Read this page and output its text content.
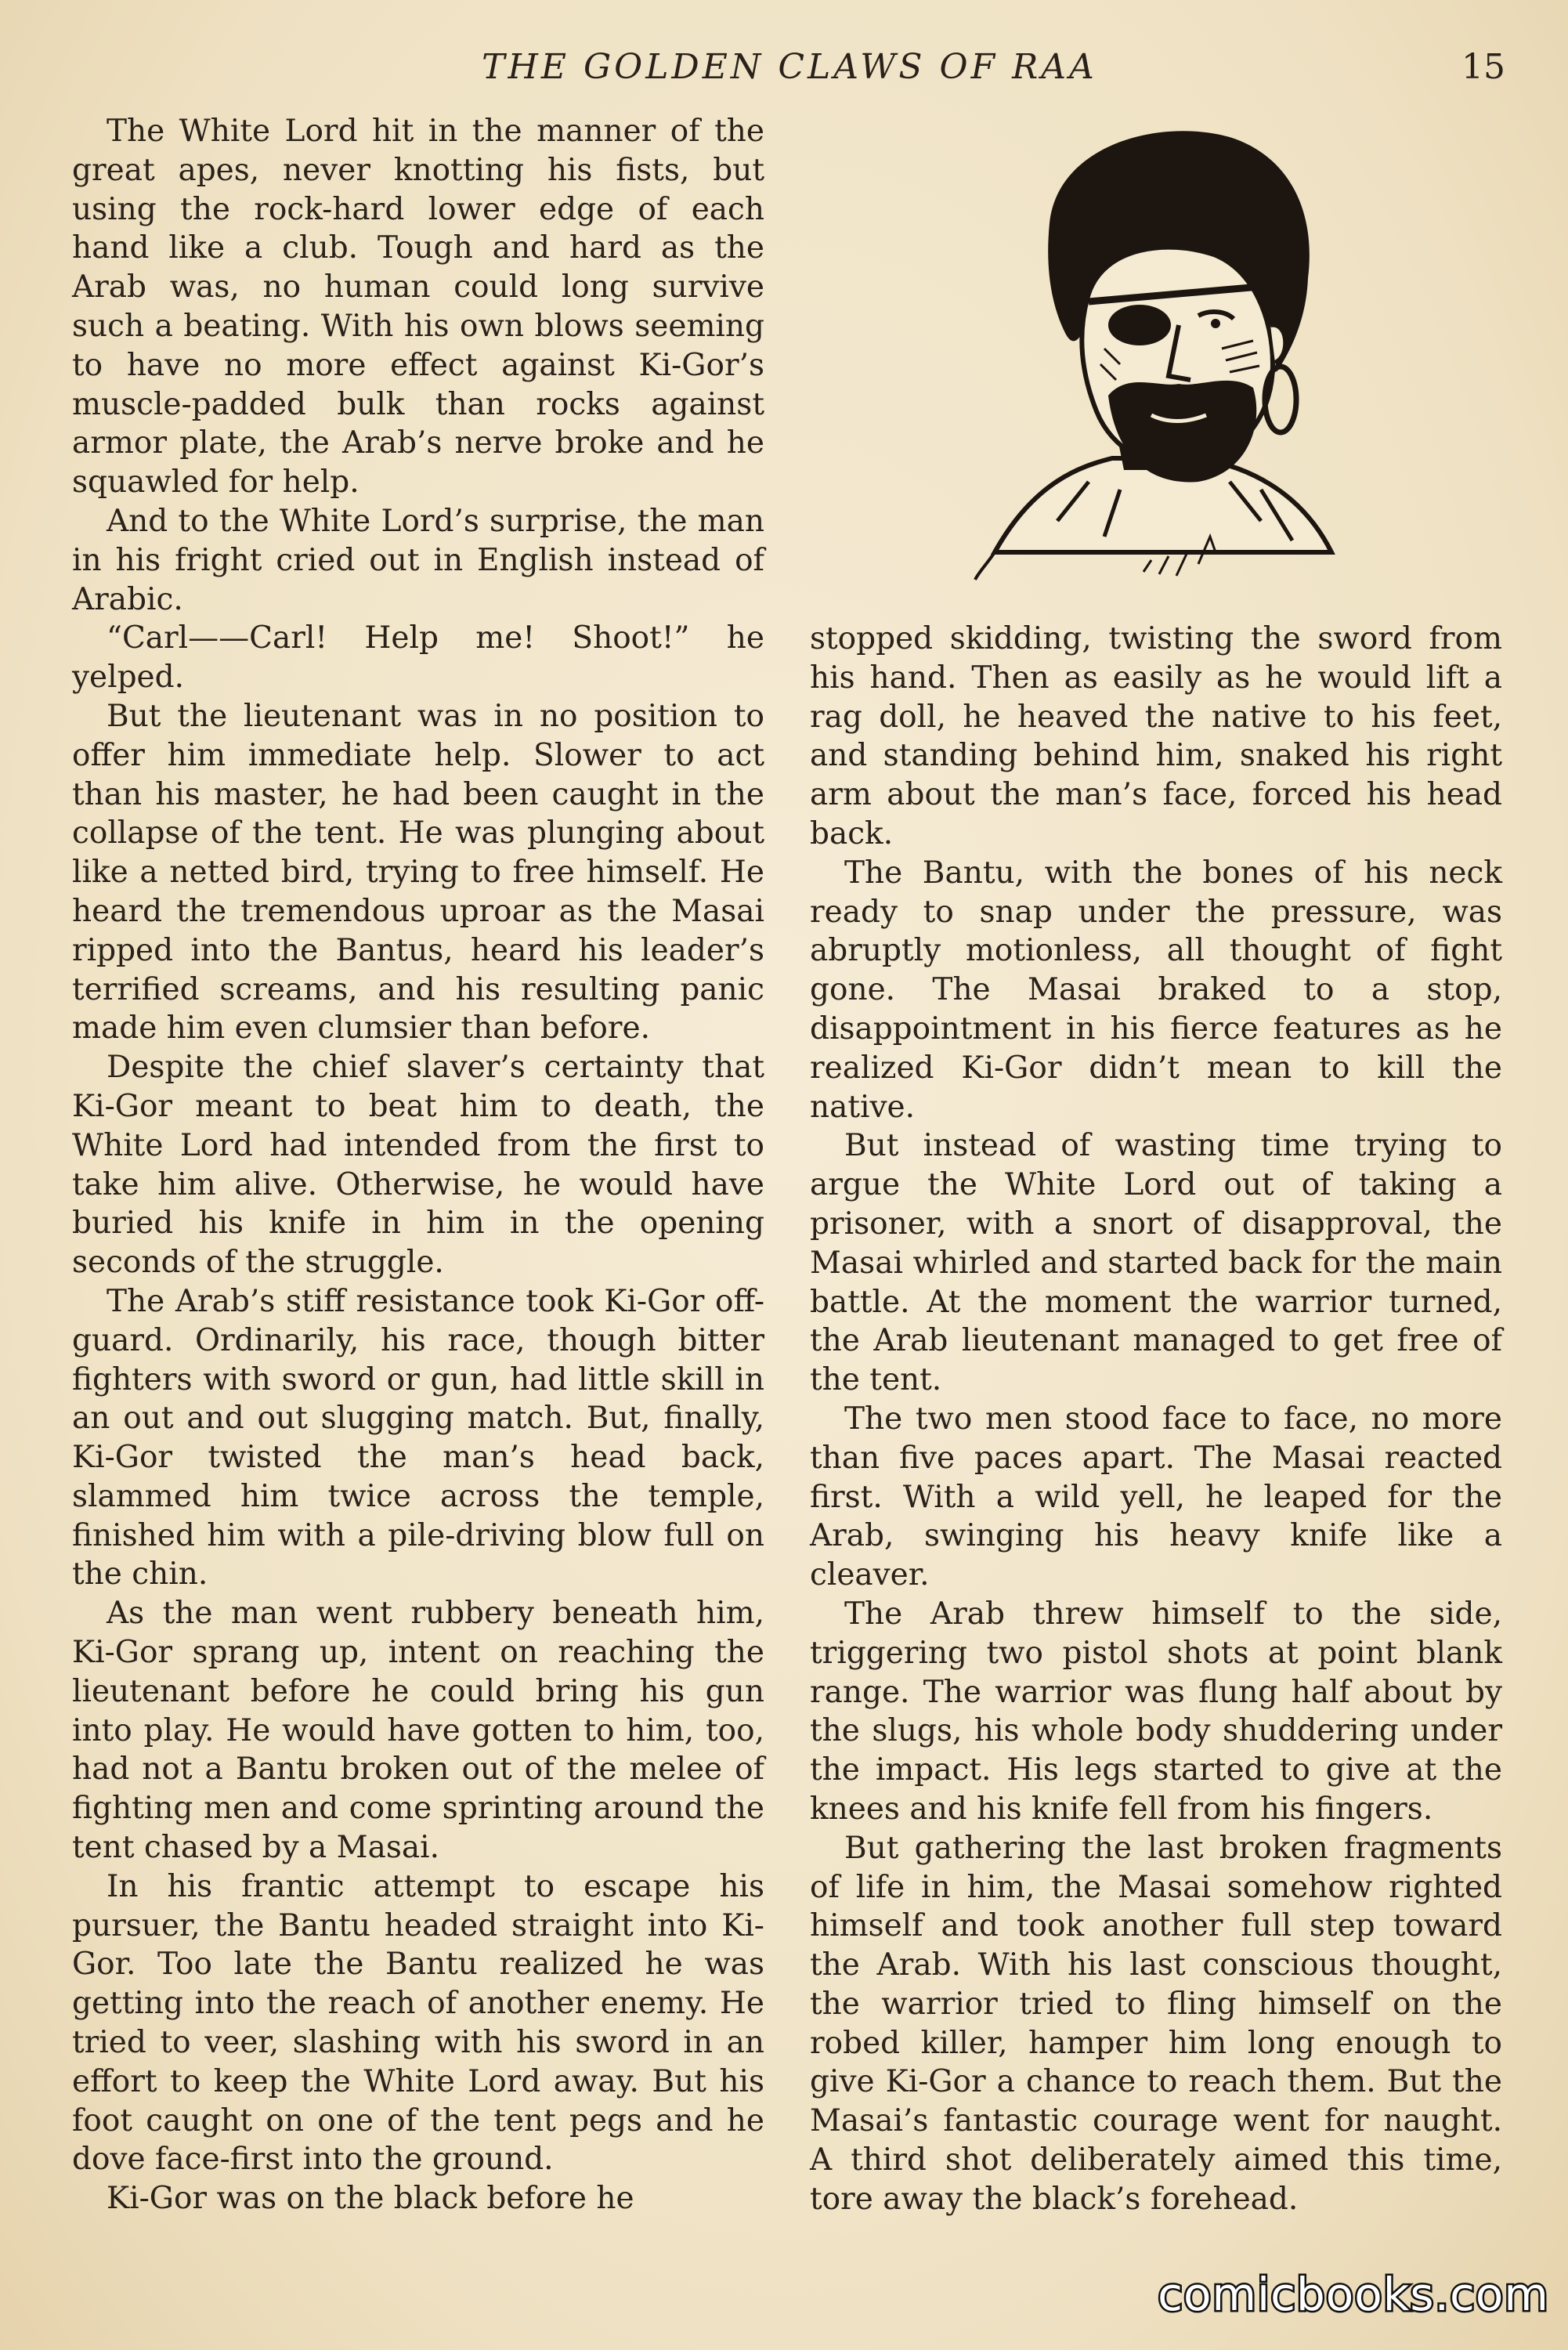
THE GOLDEN CLAWS OF RAA	15

The White Lord hit in the manner of the great apes, never knotting his fists, but using the rock-hard lower edge of each hand like a club. Tough and hard as the Arab was, no human could long survive such a beating. With his own blows seeming to have no more effect against Ki-Gor’s muscle-padded bulk than rocks against armor plate, the Arab’s nerve broke and he squawled for help.

And to the White Lord’s surprise, the man in his fright cried out in English instead of Arabic.

“Carl——Carl! Help me! Shoot!” he yelped.

But the lieutenant was in no position to offer him immediate help. Slower to act than his master, he had been caught in the collapse of the tent. He was plunging about like a netted bird, trying to free himself. He heard the tremendous uproar as the Masai ripped into the Bantus, heard his leader’s terrified screams, and his resulting panic made him even clumsier than before.

Despite the chief slaver’s certainty that Ki-Gor meant to beat him to death, the White Lord had intended from the first to take him alive. Otherwise, he would have buried his knife in him in the opening seconds of the struggle.

The Arab’s stiff resistance took Ki-Gor off-guard. Ordinarily, his race, though bitter fighters with sword or gun, had little skill in an out and out slugging match. But, finally, Ki-Gor twisted the man’s head back, slammed him twice across the temple, finished him with a pile-driving blow full on the chin.

As the man went rubbery beneath him, Ki-Gor sprang up, intent on reaching the lieutenant before he could bring his gun into play. He would have gotten to him, too, had not a Bantu broken out of the melee of fighting men and come sprinting around the tent chased by a Masai.

In his frantic attempt to escape his pursuer, the Bantu headed straight into Ki-Gor. Too late the Bantu realized he was getting into the reach of another enemy. He tried to veer, slashing with his sword in an effort to keep the White Lord away. But his foot caught on one of the tent pegs and he dove face-first into the ground.

Ki-Gor was on the black before he

stopped skidding, twisting the sword from his hand. Then as easily as he would lift a rag doll, he heaved the native to his feet, and standing behind him, snaked his right arm about the man’s face, forced his head back.

The Bantu, with the bones of his neck ready to snap under the pressure, was abruptly motionless, all thought of fight gone. The Masai braked to a stop, disappointment in his fierce features as he realized Ki-Gor didn’t mean to kill the native.

But instead of wasting time trying to argue the White Lord out of taking a prisoner, with a snort of disapproval, the Masai whirled and started back for the main battle. At the moment the warrior turned, the Arab lieutenant managed to get free of the tent.

The two men stood face to face, no more than five paces apart. The Masai reacted first. With a wild yell, he leaped for the Arab, swinging his heavy knife like a cleaver.

The Arab threw himself to the side, triggering two pistol shots at point blank range. The warrior was flung half about by the slugs, his whole body shuddering under the impact. His legs started to give at the knees and his knife fell from his fingers.

But gathering the last broken fragments of life in him, the Masai somehow righted himself and took another full step toward the Arab. With his last conscious thought, the warrior tried to fling himself on the robed killer, hamper him long enough to give Ki-Gor a chance to reach them. But the Masai’s fantastic courage went for naught. A third shot deliberately aimed this time, tore away the black’s forehead.

comicbooks.com
